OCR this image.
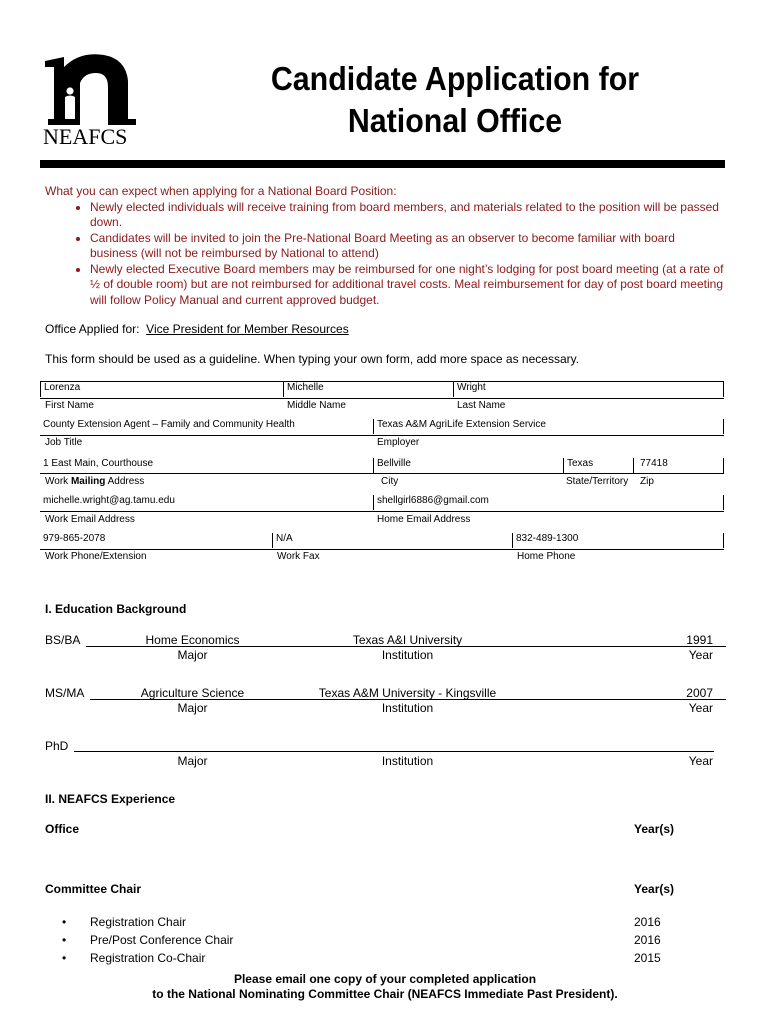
NEAFCS
Candidate Application for
National Office
What you can expect when applying for a National Board Position:
• Newly elected individuals will receive training from board members, and materials related to the position will be passed down.
• Candidates will be invited to join the Pre-National Board Meeting as an observer to become familiar with board business (will not be reimbursed by National to attend)
• Newly elected Executive Board members may be reimbursed for one night’s lodging for post board meeting (at a rate of ½ of double room) but are not reimbursed for additional travel costs. Meal reimbursement for day of post board meeting will follow Policy Manual and current approved budget.
Office Applied for: Vice President for Member Resources
This form should be used as a guideline. When typing your own form, add more space as necessary.
Lorenza	Michelle	Wright
First Name	Middle Name	Last Name
County Extension Agent – Family and Community Health	Texas A&M AgriLife Extension Service
Job Title	Employer
1 East Main, Courthouse	Bellville	Texas	77418
Work Mailing Address	City	State/Territory Zip
michelle.wright@ag.tamu.edu	shellgirl6886@gmail.com
Work Email Address	Home Email Address
979-865-2078	N/A	832-489-1300
Work Phone/Extension	Work Fax	Home Phone
I. Education Background
BS/BA	Home Economics	Texas A&I University	1991
Major	Institution	Year
MS/MA	Agriculture Science	Texas A&M University - Kingsville	2007
Major	Institution	Year
PhD
Major	Institution	Year
II. NEAFCS Experience
Office	Year(s)
Committee Chair	Year(s)
• Registration Chair	2016
• Pre/Post Conference Chair	2016
• Registration Co-Chair	2015
Please email one copy of your completed application
to the National Nominating Committee Chair (NEAFCS Immediate Past President).
